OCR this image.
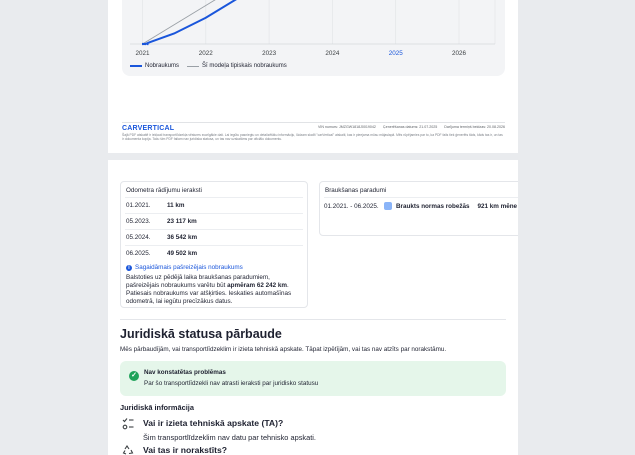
2021	2022	2023	2024	2025	2026
Nobraukums	Šī modeļa tipiskais nobraukums
CARVERTICAL	VIN numurs: JMZGW1818J0019042 Ģenerēšanas datums: 21.07.2025 Darījuma termiņš beidzas: 20.08.2026
Šajā PDF atskaitē ir iekļauti transportlīdzekļa vēstures svarīgākie dati. Lai iegūtu pasniegtu un detalizētāku informāciju, lūdzam skatīt "carVertical" atskaiti, kas ir pieejama mūsu mājaslapā. Mēs rūpējamies par to, ka PDF fails tiek ģenerēts tāds, kāds tas ir, un tas ir dokumenta kopija. Taču šim PDF failam nav juridiska statusa, un tas nav uzskatāms par oficiālu dokumentu.
Odometra rādījumu ieraksti
01.2021.	11 km
05.2023.	23 117 km
05.2024.	36 542 km
06.2025.	49 502 km
i Sagaidāmais pašreizējais nobraukums
Balstoties uz pēdējā laika braukšanas paradumiem, pašreizējais nobraukums varētu būt apmēram 62 242 km. Patiesais nobraukums var atšķirties. Ieskaties automašīnas odometrā, lai iegūtu precīzākus datus.
Braukšanas paradumi
01.2021. - 06.2025.	Braukts normas robežās 921 km mēne
Juridiskā statusa pārbaude
Mēs pārbaudījām, vai transportlīdzeklim ir izieta tehniskā apskate. Tāpat izpētījām, vai tas nav atzīts par norakstāmu.
✓	Nav konstatētas problēmas
Par šo transportlīdzekli nav atrasti ieraksti par juridisko statusu
Juridiskā informācija
Vai ir izieta tehniskā apskate (TA)?
Šim transportlīdzeklim nav datu par tehnisko apskati.
Vai tas ir norakstīts?
